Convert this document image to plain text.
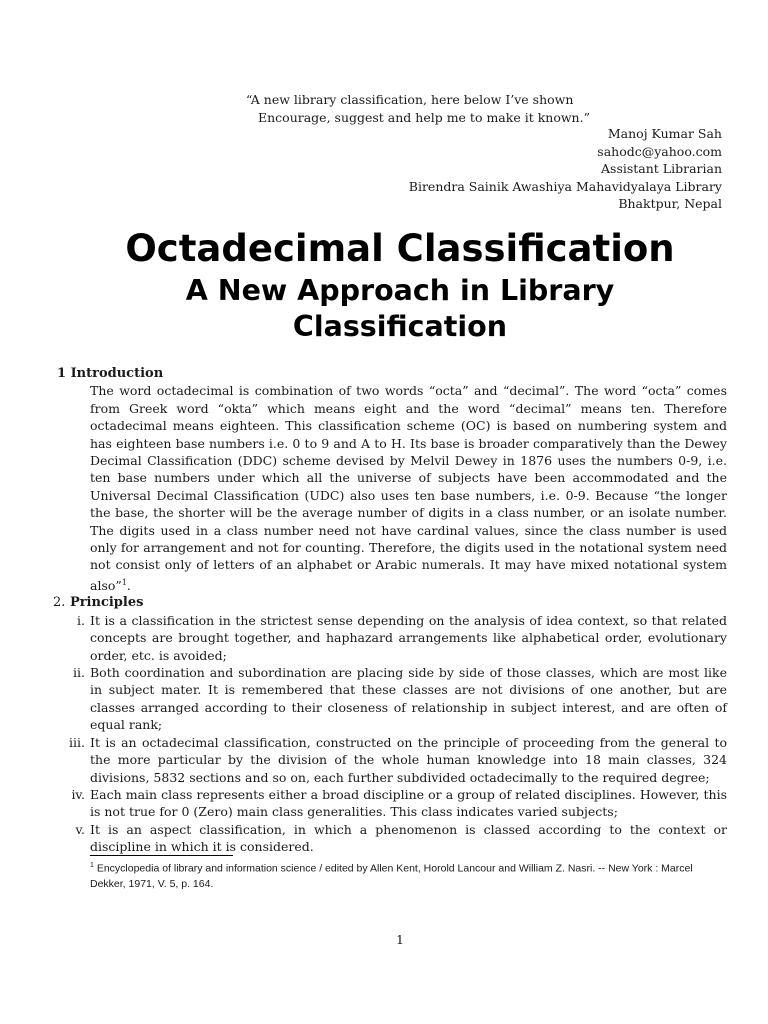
“A new library classification, here below I’ve shown
Encourage, suggest and help me to make it known.”
Manoj Kumar Sah
sahodc@yahoo.com
Assistant Librarian
Birendra Sainik Awashiya Mahavidyalaya Library
Bhaktpur, Nepal
Octadecimal Classification
A New Approach in Library
Classification
1 Introduction
The word octadecimal is combination of two words “octa” and “decimal”. The word “octa” comes from Greek word “okta” which means eight and the word “decimal” means ten. Therefore octadecimal means eighteen. This classification scheme (OC) is based on numbering system and has eighteen base numbers i.e. 0 to 9 and A to H. Its base is broader comparatively than the Dewey Decimal Classification (DDC) scheme devised by Melvil Dewey in 1876 uses the numbers 0-9, i.e. ten base numbers under which all the universe of subjects have been accommodated and the Universal Decimal Classification (UDC) also uses ten base numbers, i.e. 0-9. Because “the longer the base, the shorter will be the average number of digits in a class number, or an isolate number. The digits used in a class number need not have cardinal values, since the class number is used only for arrangement and not for counting. Therefore, the digits used in the notational system need not consist only of letters of an alphabet or Arabic numerals. It may have mixed notational system also”$^1$.
2. Principles
i. It is a classification in the strictest sense depending on the analysis of idea context, so that related concepts are brought together, and haphazard arrangements like alphabetical order, evolutionary order, etc. is avoided;
ii. Both coordination and subordination are placing side by side of those classes, which are most like in subject mater. It is remembered that these classes are not divisions of one another, but are classes arranged according to their closeness of relationship in subject interest, and are often of equal rank;
iii. It is an octadecimal classification, constructed on the principle of proceeding from the general to the more particular by the division of the whole human knowledge into 18 main classes, 324 divisions, 5832 sections and so on, each further subdivided octadecimally to the required degree;
iv. Each main class represents either a broad discipline or a group of related disciplines. However, this is not true for 0 (Zero) main class generalities. This class indicates varied subjects;
v. It is an aspect classification, in which a phenomenon is classed according to the context or discipline in which it is considered.
$^1$ Encyclopedia of library and information science / edited by Allen Kent, Horold Lancour and William Z. Nasri. -- New York : Marcel Dekker, 1971, V. 5, p. 164.
1
